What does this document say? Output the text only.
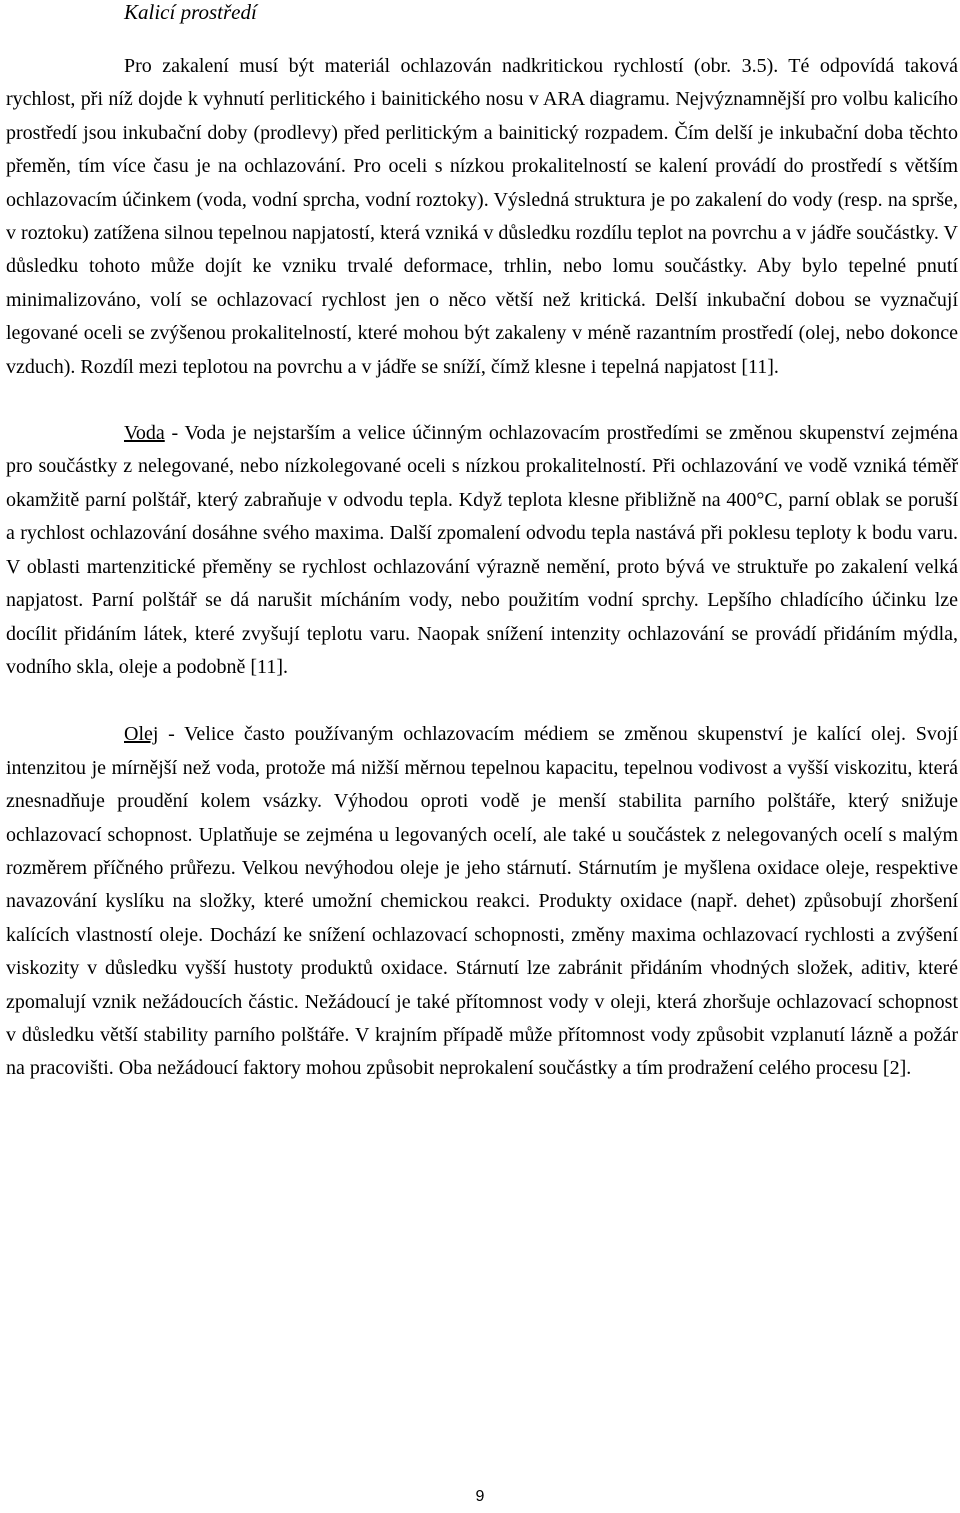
Kalicí prostředí

Pro zakalení musí být materiál ochlazován nadkritickou rychlostí (obr. 3.5). Té odpovídá taková rychlost, při níž dojde k vyhnutí perlitického i bainitického nosu v ARA diagramu. Nejvýznamnější pro volbu kalicího prostředí jsou inkubační doby (prodlevy) před perlitickým a bainitický rozpadem. Čím delší je inkubační doba těchto přeměn, tím více času je na ochlazování. Pro oceli s nízkou prokalitelností se kalení provádí do prostředí s větším ochlazovacím účinkem (voda, vodní sprcha, vodní roztoky). Výsledná struktura je po zakalení do vody (resp. na sprše, v roztoku) zatížena silnou tepelnou napjatostí, která vzniká v důsledku rozdílu teplot na povrchu a v jádře součástky. V důsledku tohoto může dojít ke vzniku trvalé deformace, trhlin, nebo lomu součástky. Aby bylo tepelné pnutí minimalizováno, volí se ochlazovací rychlost jen o něco větší než kritická. Delší inkubační dobou se vyznačují legované oceli se zvýšenou prokalitelností, které mohou být zakaleny v méně razantním prostředí (olej, nebo dokonce vzduch). Rozdíl mezi teplotou na povrchu a v jádře se sníží, čímž klesne i tepelná napjatost [11].

Voda - Voda je nejstarším a velice účinným ochlazovacím prostředími se změnou skupenství zejména pro součástky z nelegované, nebo nízkolegované oceli s nízkou prokalitelností. Při ochlazování ve vodě vzniká téměř okamžitě parní polštář, který zabraňuje v odvodu tepla. Když teplota klesne přibližně na 400°C, parní oblak se poruší a rychlost ochlazování dosáhne svého maxima. Další zpomalení odvodu tepla nastává při poklesu teploty k bodu varu. V oblasti martenzitické přeměny se rychlost ochlazování výrazně nemění, proto bývá ve struktuře po zakalení velká napjatost. Parní polštář se dá narušit mícháním vody, nebo použitím vodní sprchy. Lepšího chladícího účinku lze docílit přidáním látek, které zvyšují teplotu varu. Naopak snížení intenzity ochlazování se provádí přidáním mýdla, vodního skla, oleje a podobně [11].

Olej - Velice často používaným ochlazovacím médiem se změnou skupenství je kalící olej. Svojí intenzitou je mírnější než voda, protože má nižší měrnou tepelnou kapacitu, tepelnou vodivost a vyšší viskozitu, která znesnadňuje proudění kolem vsázky. Výhodou oproti vodě je menší stabilita parního polštáře, který snižuje ochlazovací schopnost. Uplatňuje se zejména u legovaných ocelí, ale také u součástek z nelegovaných ocelí s malým rozměrem příčného průřezu. Velkou nevýhodou oleje je jeho stárnutí. Stárnutím je myšlena oxidace oleje, respektive navazování kyslíku na složky, které umožní chemickou reakci. Produkty oxidace (např. dehet) způsobují zhoršení kalících vlastností oleje. Dochází ke snížení ochlazovací schopnosti, změny maxima ochlazovací rychlosti a zvýšení viskozity v důsledku vyšší hustoty produktů oxidace. Stárnutí lze zabránit přidáním vhodných složek, aditiv, které zpomalují vznik nežádoucích částic. Nežádoucí je také přítomnost vody v oleji, která zhoršuje ochlazovací schopnost v důsledku větší stability parního polštáře. V krajním případě může přítomnost vody způsobit vzplanutí lázně a požár na pracovišti. Oba nežádoucí faktory mohou způsobit neprokalení součástky a tím prodražení celého procesu [2].

9
